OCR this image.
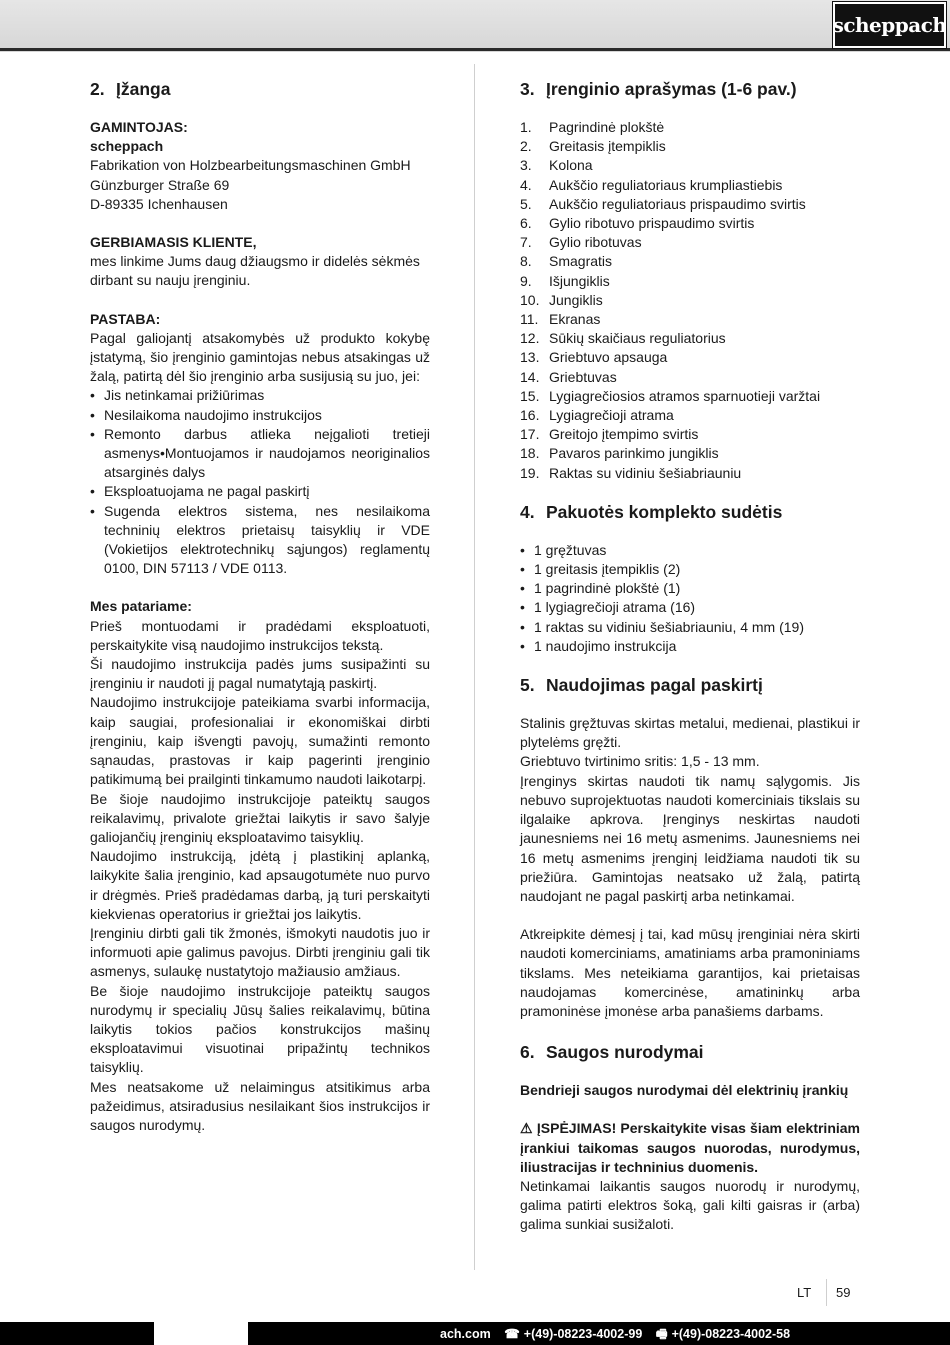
scheppach
2. Įžanga

GAMINTOJAS:

scheppach

Fabrikation von Holzbearbeitungsmaschinen GmbH

Günzburger Straße 69

D-89335 Ichenhausen

GERBIAMASIS KLIENTE,

mes linkime Jums daug džiaugsmo ir didelės sėkmės dirbant su nauju įrenginiu.

PASTABA:

Pagal galiojantį atsakomybės už produkto kokybę įstatymą, šio įrenginio gamintojas nebus atsakingas už žalą, patirtą dėl šio įrenginio arba susijusią su juo, jei:

• Jis netinkamai prižiūrimas
• Nesilaikoma naudojimo instrukcijos
• Remonto darbus atlieka neįgalioti tretieji asmenys•Montuojamos ir naudojamos neoriginalios atsarginės dalys
• Eksploatuojama ne pagal paskirtį
• Sugenda elektros sistema, nes nesilaikoma techninių elektros prietaisų taisyklių ir VDE (Vokietijos elektrotechnikų sąjungos) reglamentų 0100, DIN 57113 / VDE 0113.

Mes patariame:

Prieš montuodami ir pradėdami eksploatuoti, perskaitykite visą naudojimo instrukcijos tekstą.

Ši naudojimo instrukcija padės jums susipažinti su įrenginiu ir naudoti jį pagal numatytąją paskirtį.

Naudojimo instrukcijoje pateikiama svarbi informacija, kaip saugiai, profesionaliai ir ekonomiškai dirbti įrenginiu, kaip išvengti pavojų, sumažinti remonto sąnaudas, prastovas ir kaip pagerinti įrenginio patikimumą bei prailginti tinkamumo naudoti laikotarpį.

Be šioje naudojimo instrukcijoje pateiktų saugos reikalavimų, privalote griežtai laikytis ir savo šalyje galiojančių įrenginių eksploatavimo taisyklių.

Naudojimo instrukciją, įdėtą į plastikinį aplanką, laikykite šalia įrenginio, kad apsaugotumėte nuo purvo ir drėgmės. Prieš pradėdamas darbą, ją turi perskaityti kiekvienas operatorius ir griežtai jos laikytis.

Įrenginiu dirbti gali tik žmonės, išmokyti naudotis juo ir informuoti apie galimus pavojus. Dirbti įrenginiu gali tik asmenys, sulaukę nustatytojo mažiausio amžiaus.

Be šioje naudojimo instrukcijoje pateiktų saugos nurodymų ir specialių Jūsų šalies reikalavimų, būtina laikytis tokios pačios konstrukcijos mašinų eksploatavimui visuotinai pripažintų technikos taisyklių.

Mes neatsakome už nelaimingus atsitikimus arba pažeidimus, atsiradusius nesilaikant šios instrukcijos ir saugos nurodymų.

3. Įrenginio aprašymas (1-6 pav.)
1.	Pagrindinė plokštė
2.	Greitasis įtempiklis
3.	Kolona
4.	Aukščio reguliatoriaus krumpliastiebis
5.	Aukščio reguliatoriaus prispaudimo svirtis
6.	Gylio ribotuvo prispaudimo svirtis
7.	Gylio ribotuvas
8.	Smagratis
9.	Išjungiklis
10. Jungiklis
11. Ekranas
12. Sūkių skaičiaus reguliatorius
13. Griebtuvo apsauga
14. Griebtuvas
15. Lygiagrečiosios atramos sparnuotieji varžtai
16. Lygiagrečioji atrama
17. Greitojo įtempimo svirtis
18. Pavaros parinkimo jungiklis
19. Raktas su vidiniu šešiabriauniu
4. Pakuotės komplekto sudėtis
• 1 gręžtuvas
• 1 greitasis įtempiklis (2)
• 1 pagrindinė plokštė (1)
• 1 lygiagrečioji atrama (16)
• 1 raktas su vidiniu šešiabriauniu, 4 mm (19)
• 1 naudojimo instrukcija
5. Naudojimas pagal paskirtį

Stalinis gręžtuvas skirtas metalui, medienai, plastikui ir plytelėms gręžti.

Griebtuvo tvirtinimo sritis: 1,5 - 13 mm.

Įrenginys skirtas naudoti tik namų sąlygomis. Jis nebuvo suprojektuotas naudoti komerciniais tikslais su ilgalaike apkrova. Įrenginys neskirtas naudoti jaunesniems nei 16 metų asmenims. Jaunesniems nei 16 metų asmenims įrenginį leidžiama naudoti tik su priežiūra. Gamintojas neatsako už žalą, patirtą naudojant ne pagal paskirtį arba netinkamai.

Atkreipkite dėmesį į tai, kad mūsų įrenginiai nėra skirti naudoti komerciniams, amatiniams arba pramoniniams tikslams. Mes neteikiama garantijos, kai prietaisas naudojamas komercinėse, amatininkų arba pramoninėse įmonėse arba panašiems darbams.

6. Saugos nurodymai

Bendrieji saugos nurodymai dėl elektrinių įrankių

⚠ ĮSPĖJIMAS! Perskaitykite visas šiam elektriniam įrankiui taikomas saugos nuorodas, nurodymus, iliustracijas ir techninius duomenis.

Netinkamai laikantis saugos nuorodų ir nurodymų, galima patirti elektros šoką, gali kilti gaisras ir (arba) galima sunkiai susižaloti.

LT 59
ach.com ☎ +(49)-08223-4002-99 🖷 +(49)-08223-4002-58
